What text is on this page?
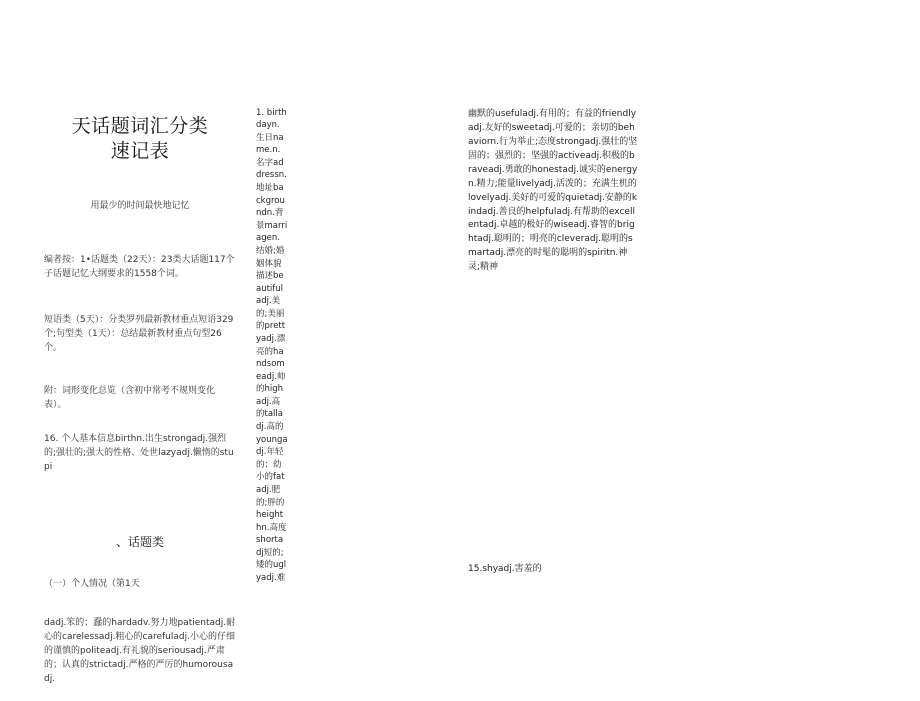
天话题词汇分类
速记表

用最少的时间最快地记忆

编者按：1•话题类（22天）：23类大话题117个子话题记忆大纲要求的1558个词。

短语类（5天）：分类罗列最新教材重点短语329个;句型类（1天）：总结最新教材重点句型26个。

附：词形变化总览（含初中常考不规则变化表）。

16. 个人基本信息birthn.出生strongadj.强烈的;强壮的;强大的性格、处世lazyadj.懒惰的stupi

、话题类

（一）个人情况（第1天

dadj.笨的；蠢的hardadv.努力地patientadj.耐心的carelessadj.粗心的carefuladj.小心的仔细的谨慎的politeadj.有礼貌的seriousadj.严肃的；认真的strictadj.严格的严厉的humorousadj.

1. birthdayn.生日name.n.名字addressn.地址backgroundn.背景marriagen.结婚;婚姻体貌描述beautifuladj.美的;美丽的prettyadj.漂亮的handsomeadj.帅的highadj.高的talladj.高的youngadj.年轻的；幼小的fatadj.肥的;胖的heighthn.高度shortadj短的;矮的uglyadj.难

幽默的usefuladj.有用的；有益的friendlyadj.友好的sweetadj.可爱的；亲切的behaviorn.行为举止;态度strongadj.强壮的坚固的；强烈的；坚强的activeadj.积极的braveadj.勇敢的honestadj.诚实的energyn.精力;能量livelyadj.活泼的；充满生机的lovelyadj.美好的可爱的quietadj.安静的kindadj.善良的helpfuladj.有帮助的excellentadj.卓越的极好的wiseadj.睿智的brightadj.聪明的；明亮的cleveradj.聪明的smartadj.漂亮的时髦的聪明的spiritn.神灵;精神

15.shyadj.害羞的
